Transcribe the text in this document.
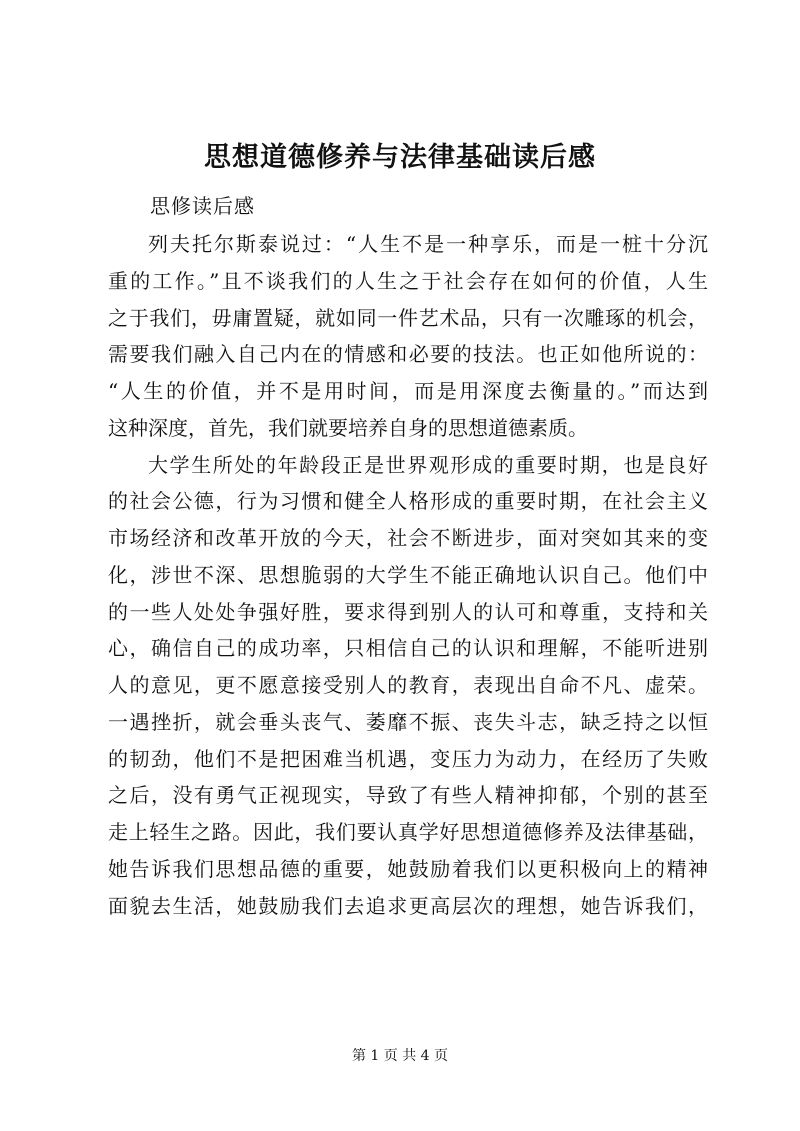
思想道德修养与法律基础读后感
思修读后感
列夫托尔斯泰说过：“人生不是一种享乐，而是一桩十分沉
重的工作。”且不谈我们的人生之于社会存在如何的价值，人生
之于我们，毋庸置疑，就如同一件艺术品，只有一次雕琢的机会，
需要我们融入自己内在的情感和必要的技法。也正如他所说的：
“人生的价值，并不是用时间，而是用深度去衡量的。”而达到
这种深度，首先，我们就要培养自身的思想道德素质。
大学生所处的年龄段正是世界观形成的重要时期，也是良好
的社会公德，行为习惯和健全人格形成的重要时期，在社会主义
市场经济和改革开放的今天，社会不断进步，面对突如其来的变
化，涉世不深、思想脆弱的大学生不能正确地认识自己。他们中
的一些人处处争强好胜，要求得到别人的认可和尊重，支持和关
心，确信自己的成功率，只相信自己的认识和理解，不能听进别
人的意见，更不愿意接受别人的教育，表现出自命不凡、虚荣。
一遇挫折，就会垂头丧气、萎靡不振、丧失斗志，缺乏持之以恒
的韧劲，他们不是把困难当机遇，变压力为动力，在经历了失败
之后，没有勇气正视现实，导致了有些人精神抑郁，个别的甚至
走上轻生之路。因此，我们要认真学好思想道德修养及法律基础，
她告诉我们思想品德的重要，她鼓励着我们以更积极向上的精神
面貌去生活，她鼓励我们去追求更高层次的理想，她告诉我们，
第 1 页 共 4 页
